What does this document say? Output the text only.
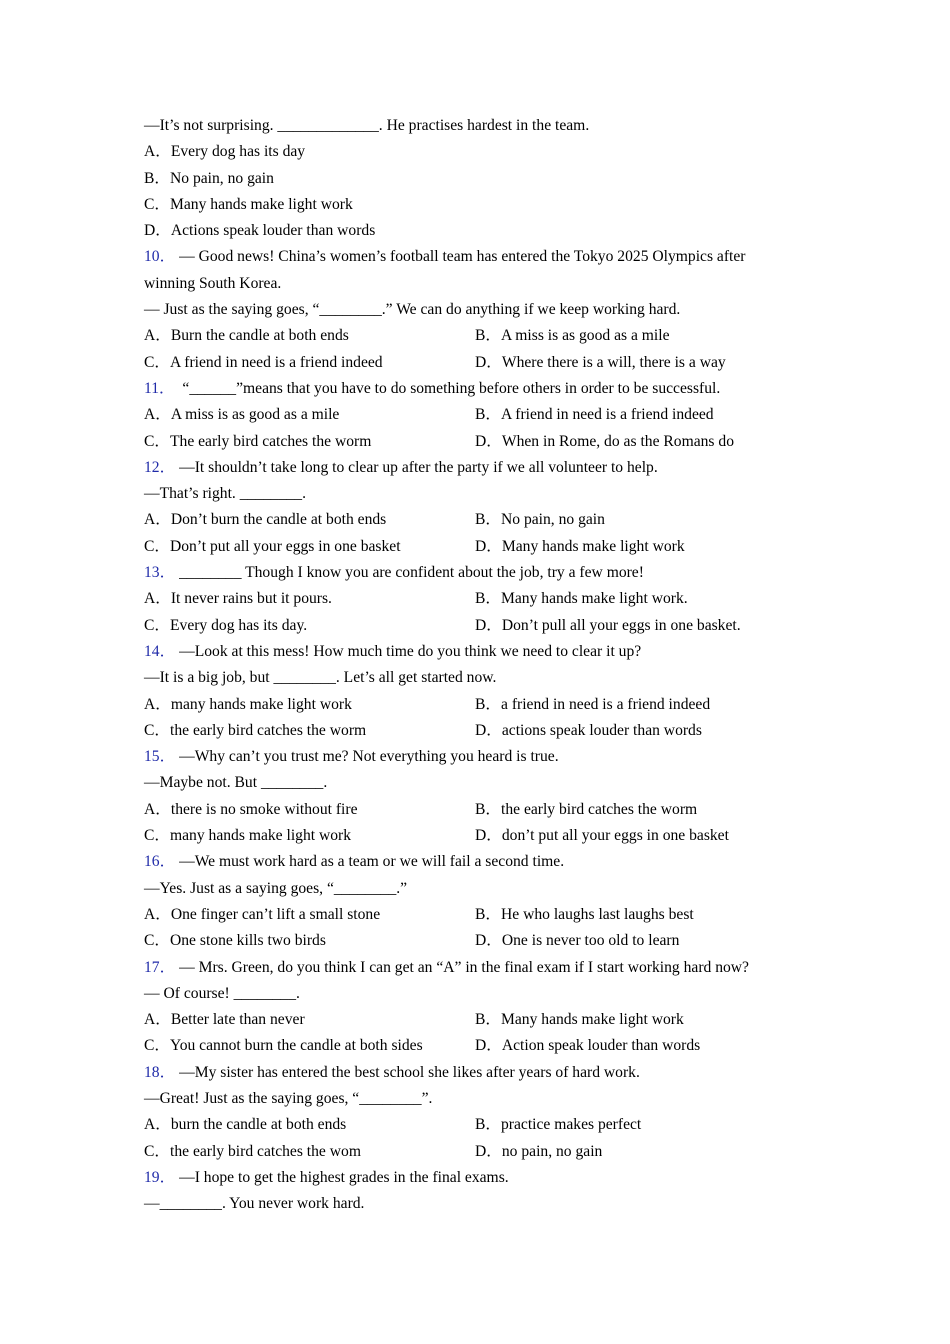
—It’s not surprising. _____________. He practises hardest in the team.
A．Every dog has its day
B．No pain, no gain
C．Many hands make light work
D．Actions speak louder than words
10． — Good news! China’s women’s football team has entered the Tokyo 2025 Olympics after winning South Korea.
— Just as the saying goes, “________.” We can do anything if we keep working hard.
A．Burn the candle at both ends	B．A miss is as good as a mile
C．A friend in need is a friend indeed	D．Where there is a will, there is a way
11． “______”means that you have to do something before others in order to be successful.
A．A miss is as good as a mile	B．A friend in need is a friend indeed
C．The early bird catches the worm	D．When in Rome, do as the Romans do
12． —It shouldn’t take long to clear up after the party if we all volunteer to help.
—That’s right. ________.
A．Don’t burn the candle at both ends	B．No pain, no gain
C．Don’t put all your eggs in one basket	D．Many hands make light work
13． ________ Though I know you are confident about the job, try a few more!
A．It never rains but it pours.	B．Many hands make light work.
C．Every dog has its day.	D．Don’t pull all your eggs in one basket.
14． —Look at this mess! How much time do you think we need to clear it up?
—It is a big job, but ________. Let’s all get started now.
A．many hands make light work	B．a friend in need is a friend indeed
C．the early bird catches the worm	D．actions speak louder than words
15． —Why can’t you trust me? Not everything you heard is true.
—Maybe not. But ________.
A．there is no smoke without fire	B．the early bird catches the worm
C．many hands make light work	D．don’t put all your eggs in one basket
16． —We must work hard as a team or we will fail a second time.
—Yes. Just as a saying goes, “________.”
A．One finger can’t lift a small stone	B．He who laughs last laughs best
C．One stone kills two birds	D．One is never too old to learn
17． — Mrs. Green, do you think I can get an “A” in the final exam if I start working hard now?
— Of course! ________.
A．Better late than never	B．Many hands make light work
C．You cannot burn the candle at both sides	D．Action speak louder than words
18． —My sister has entered the best school she likes after years of hard work.
—Great! Just as the saying goes, “________”.
A．burn the candle at both ends	B．practice makes perfect
C．the early bird catches the wom	D．no pain, no gain
19． —I hope to get the highest grades in the final exams.
—________. You never work hard.
